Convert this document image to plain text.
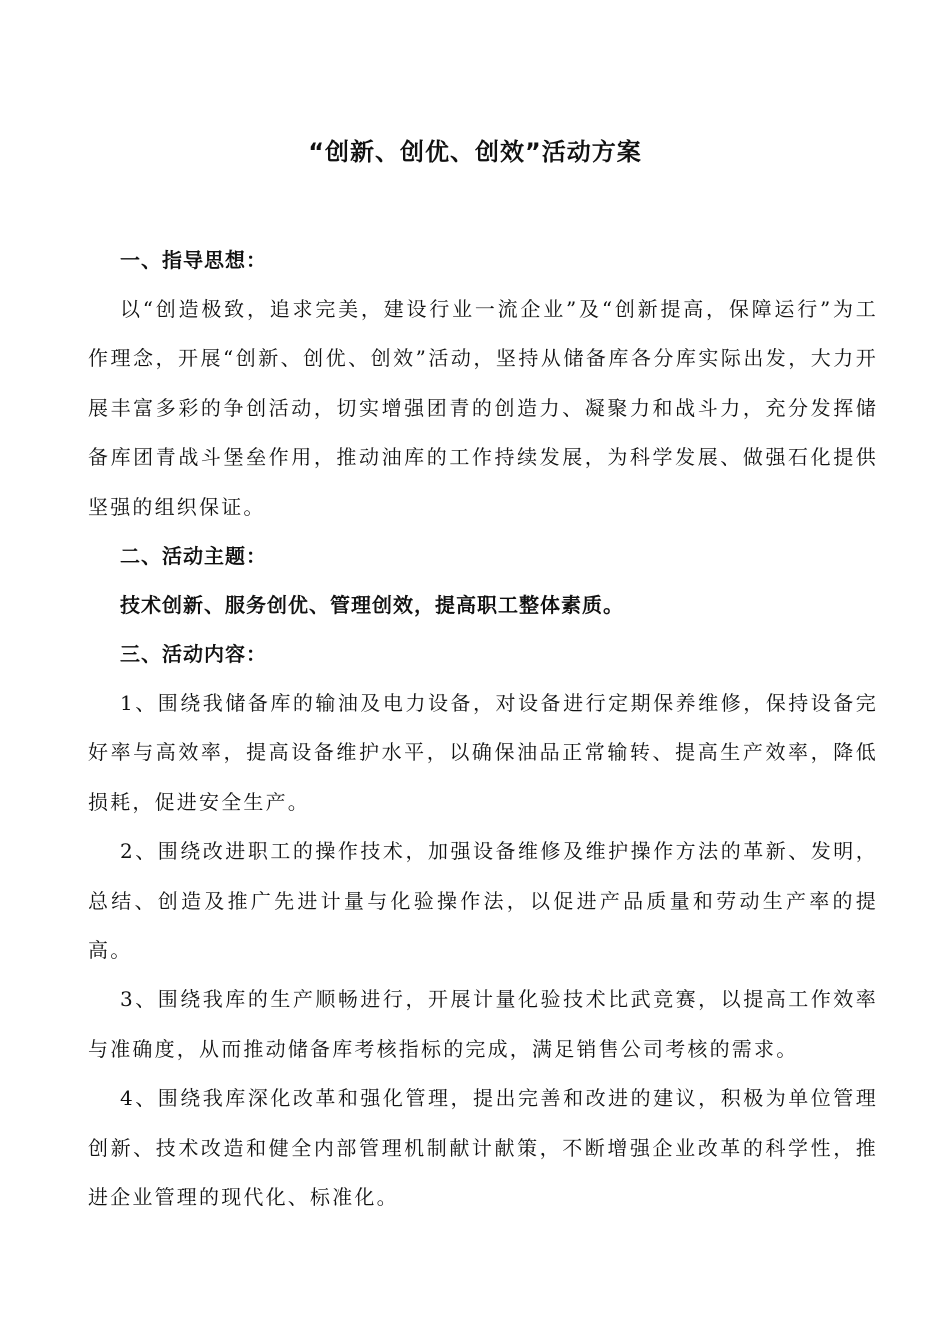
“创新、创优、创效”活动方案

一、指导思想：

以“创造极致，追求完美，建设行业一流企业”及“创新提高，保障运行”为工作理念，开展“创新、创优、创效”活动，坚持从储备库各分库实际出发，大力开展丰富多彩的争创活动，切实增强团青的创造力、凝聚力和战斗力，充分发挥储备库团青战斗堡垒作用，推动油库的工作持续发展，为科学发展、做强石化提供坚强的组织保证。

二、活动主题：

技术创新、服务创优、管理创效，提高职工整体素质。

三、活动内容：

1、围绕我储备库的输油及电力设备，对设备进行定期保养维修，保持设备完好率与高效率，提高设备维护水平，以确保油品正常输转、提高生产效率，降低损耗，促进安全生产。

2、围绕改进职工的操作技术，加强设备维修及维护操作方法的革新、发明，总结、创造及推广先进计量与化验操作法，以促进产品质量和劳动生产率的提高。

3、围绕我库的生产顺畅进行，开展计量化验技术比武竞赛，以提高工作效率与准确度，从而推动储备库考核指标的完成，满足销售公司考核的需求。

4、围绕我库深化改革和强化管理，提出完善和改进的建议，积极为单位管理创新、技术改造和健全内部管理机制献计献策，不断增强企业改革的科学性，推进企业管理的现代化、标准化。
